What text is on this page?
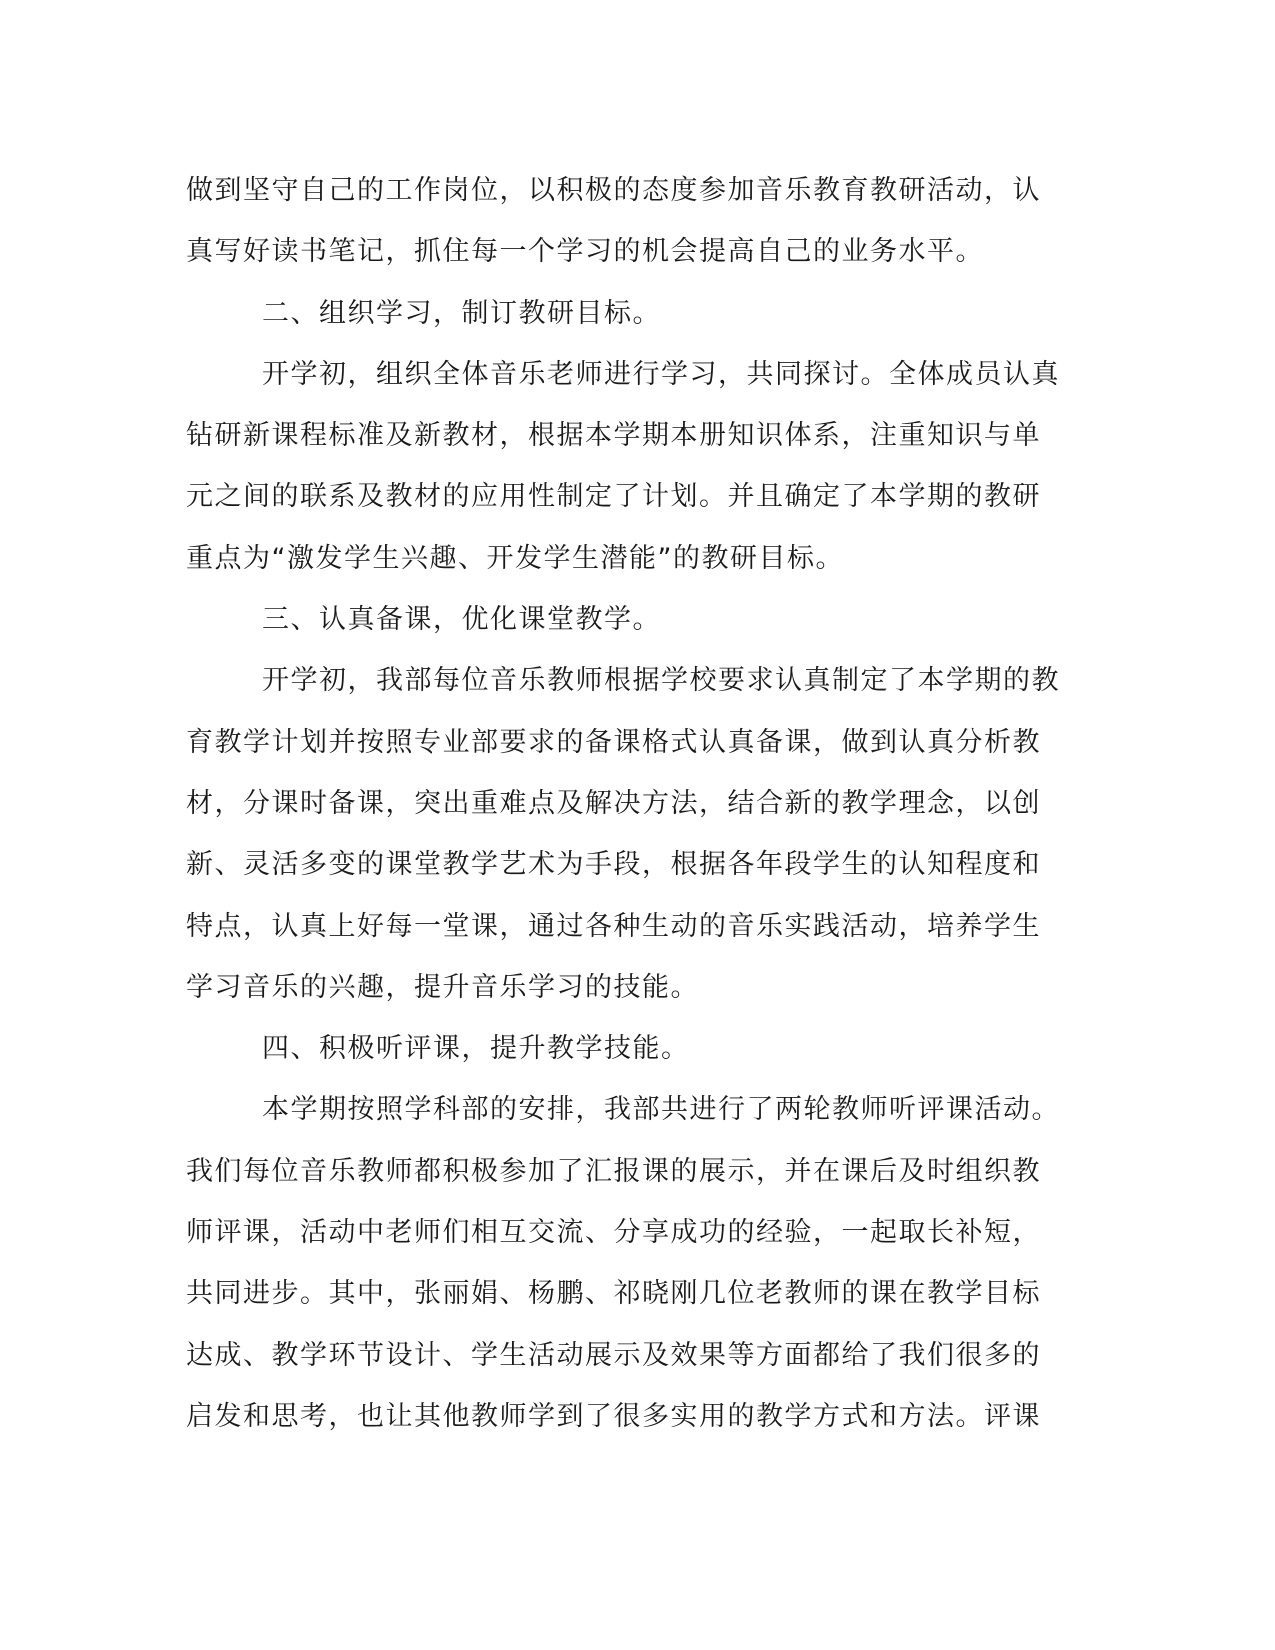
做到坚守自己的工作岗位，以积极的态度参加音乐教育教研活动，认
真写好读书笔记，抓住每一个学习的机会提高自己的业务水平。
二、组织学习，制订教研目标。
开学初，组织全体音乐老师进行学习，共同探讨。全体成员认真
钻研新课程标准及新教材，根据本学期本册知识体系，注重知识与单
元之间的联系及教材的应用性制定了计划。并且确定了本学期的教研
重点为“激发学生兴趣、开发学生潜能”的教研目标。
三、认真备课，优化课堂教学。
开学初，我部每位音乐教师根据学校要求认真制定了本学期的教
育教学计划并按照专业部要求的备课格式认真备课，做到认真分析教
材，分课时备课，突出重难点及解决方法，结合新的教学理念，以创
新、灵活多变的课堂教学艺术为手段，根据各年段学生的认知程度和
特点，认真上好每一堂课，通过各种生动的音乐实践活动，培养学生
学习音乐的兴趣，提升音乐学习的技能。
四、积极听评课，提升教学技能。
本学期按照学科部的安排，我部共进行了两轮教师听评课活动。
我们每位音乐教师都积极参加了汇报课的展示，并在课后及时组织教
师评课，活动中老师们相互交流、分享成功的经验，一起取长补短，
共同进步。其中，张丽娟、杨鹏、祁晓刚几位老教师的课在教学目标
达成、教学环节设计、学生活动展示及效果等方面都给了我们很多的
启发和思考，也让其他教师学到了很多实用的教学方式和方法。评课
